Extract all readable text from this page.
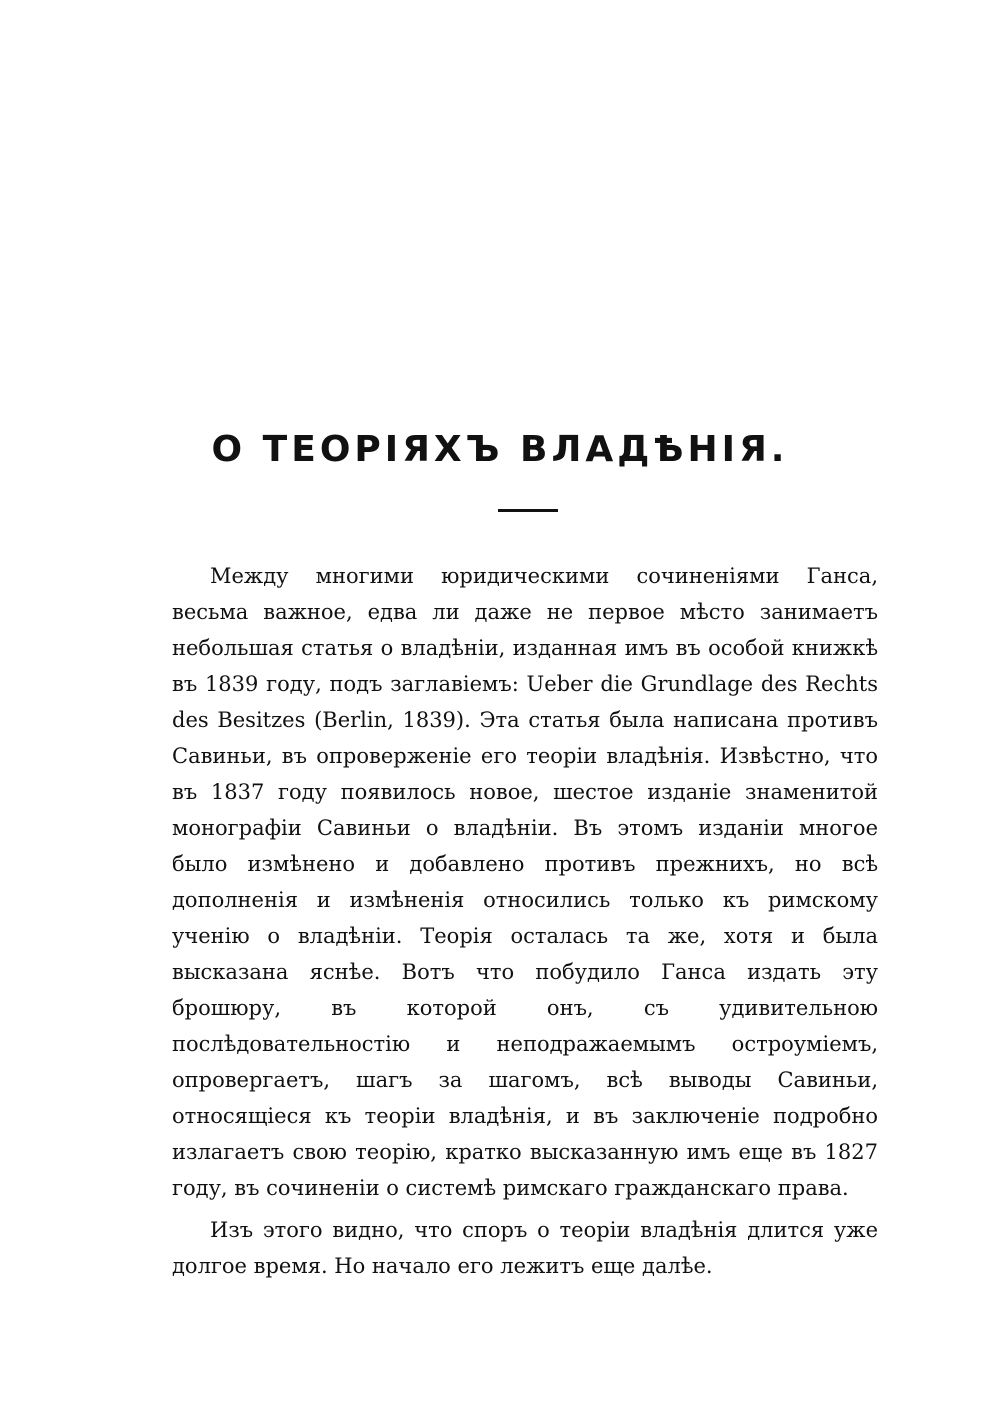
О ТЕОРІЯХЪ ВЛАДѢНІЯ.

Между многими юридическими сочиненіями Ганса, весьма важное, едва ли даже не первое мѣсто занимаетъ небольшая статья о владѣніи, изданная имъ въ особой книжкѣ въ 1839 году, подъ заглавіемъ: Ueber die Grundlage des Rechts des Besitzes (Berlin, 1839). Эта статья была написана противъ Савиньи, въ опроверженіе его теоріи владѣнія. Извѣстно, что въ 1837 году появилось новое, шестое изданіе знаменитой монографіи Савиньи о владѣніи. Въ этомъ изданіи многое было измѣнено и добавлено противъ прежнихъ, но всѣ дополненія и измѣненія относились только къ римскому ученію о владѣніи. Теорія осталась та же, хотя и была высказана яснѣе. Вотъ что побудило Ганса издать эту брошюру, въ которой онъ, съ удивительною послѣдовательностію и неподражаемымъ остроуміемъ, опровергаетъ, шагъ за шагомъ, всѣ выводы Савиньи, относящіеся къ теоріи владѣнія, и въ заключеніе подробно излагаетъ свою теорію, кратко высказанную имъ еще въ 1827 году, въ сочиненіи о системѣ римскаго гражданскаго права.

Изъ этого видно, что споръ о теоріи владѣнія длится уже долгое время. Но начало его лежитъ еще далѣе.
